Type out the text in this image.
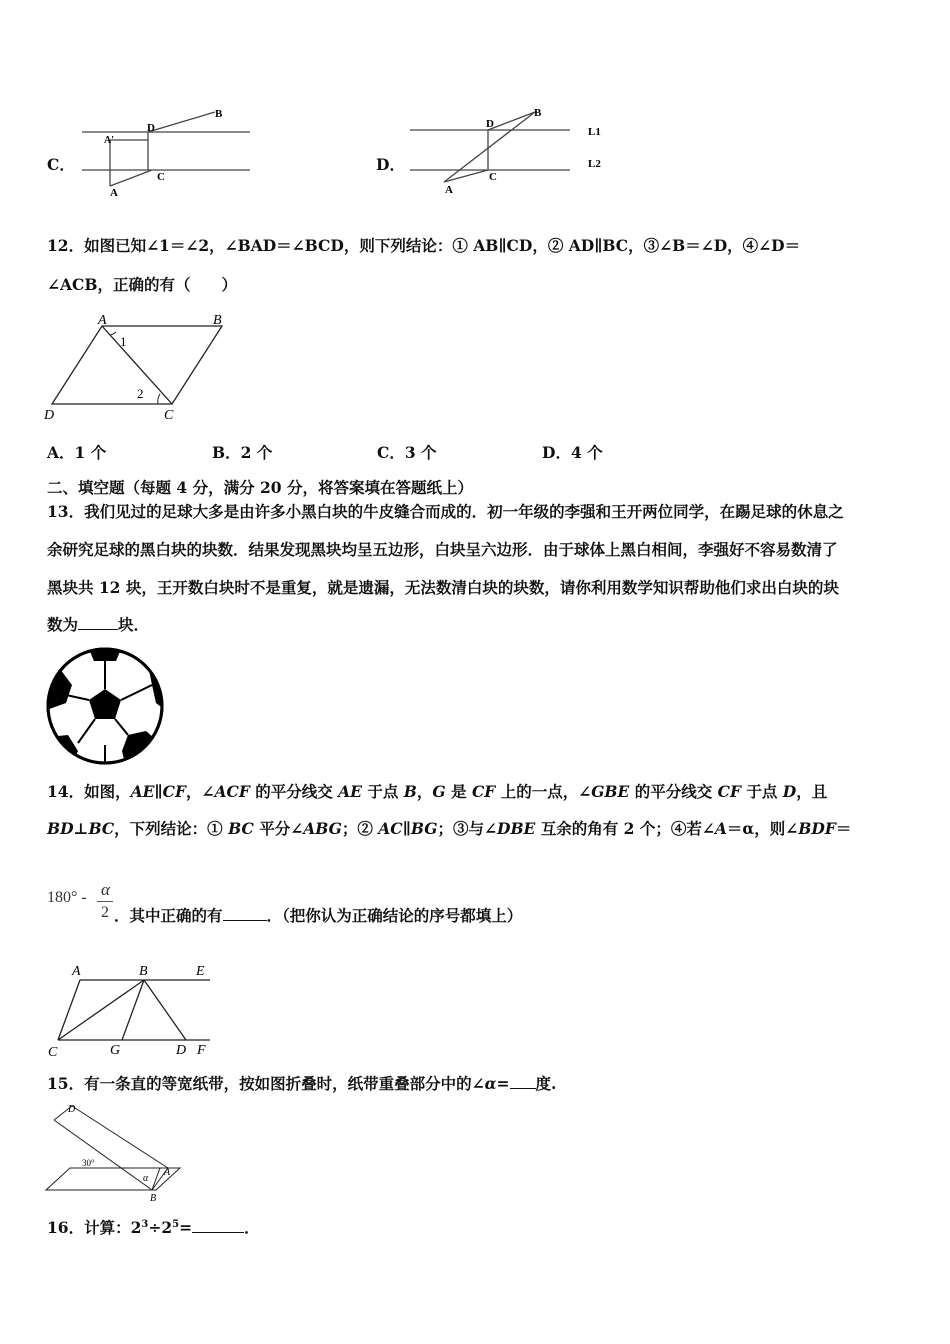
C．
B
D
A'
A
C
D．
B
D
L1
L2
A
C
12．如图已知∠1＝∠2，∠BAD＝∠BCD，则下列结论：① AB∥CD，② AD∥BC，③∠B＝∠D，④∠D＝
∠ACB，正确的有（　　）
A	B
C
D
1
2
A．1 个	B．2 个	C．3 个	D．4 个
二、填空题（每题 4 分，满分 20 分，将答案填在答题纸上）
13．我们见过的足球大多是由许多小黑白块的牛皮缝合而成的．初一年级的李强和王开两位同学，在踢足球的休息之
余研究足球的黑白块的块数．结果发现黑块均呈五边形，白块呈六边形．由于球体上黑白相间，李强好不容易数清了
黑块共 12 块，王开数白块时不是重复，就是遗漏，无法数清白块的块数，请你利用数学知识帮助他们求出白块的块
数为	块．
14．如图，AE∥CF，∠ACF 的平分线交 AE 于点 B，G 是 CF 上的一点，∠GBE 的平分线交 CF 于点 D，且
BD⊥BC，下列结论：① BC 平分∠ABG；② AC∥BG；③与∠DBE 互余的角有 2 个；④若∠A＝α，则∠BDF＝
180° - α
2 ．其中正确的有	．（把你认为正确结论的序号都填上）
A	B	E
C	G	D F
15．有一条直的等宽纸带，按如图折叠时，纸带重叠部分中的∠α= 度.
D
A
B
30°
α
16．计算：$2^3\div 2^5=$	．
